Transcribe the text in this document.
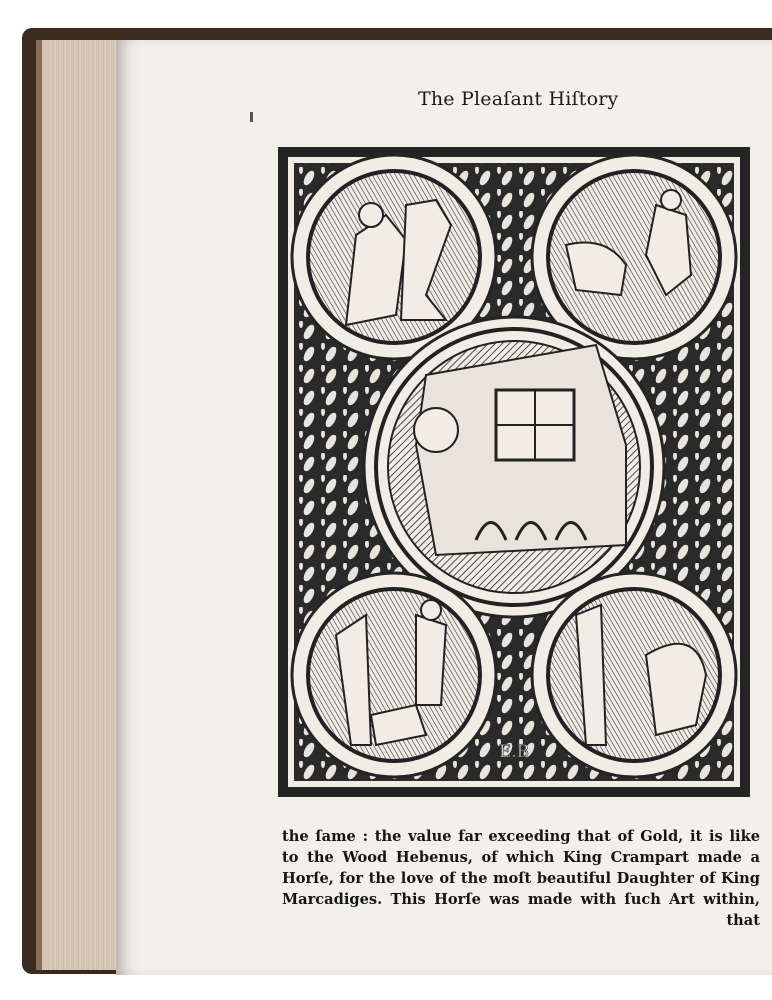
The Pleaſant Hiſtory
E.B
the ſame : the value far exceeding that of Gold, it is like
to the Wood Hebenus, of which King Crampart made a
Horſe, for the love of the moſt beautiful Daughter of King
Marcadiges. This Horſe was made with ſuch Art within,
that
